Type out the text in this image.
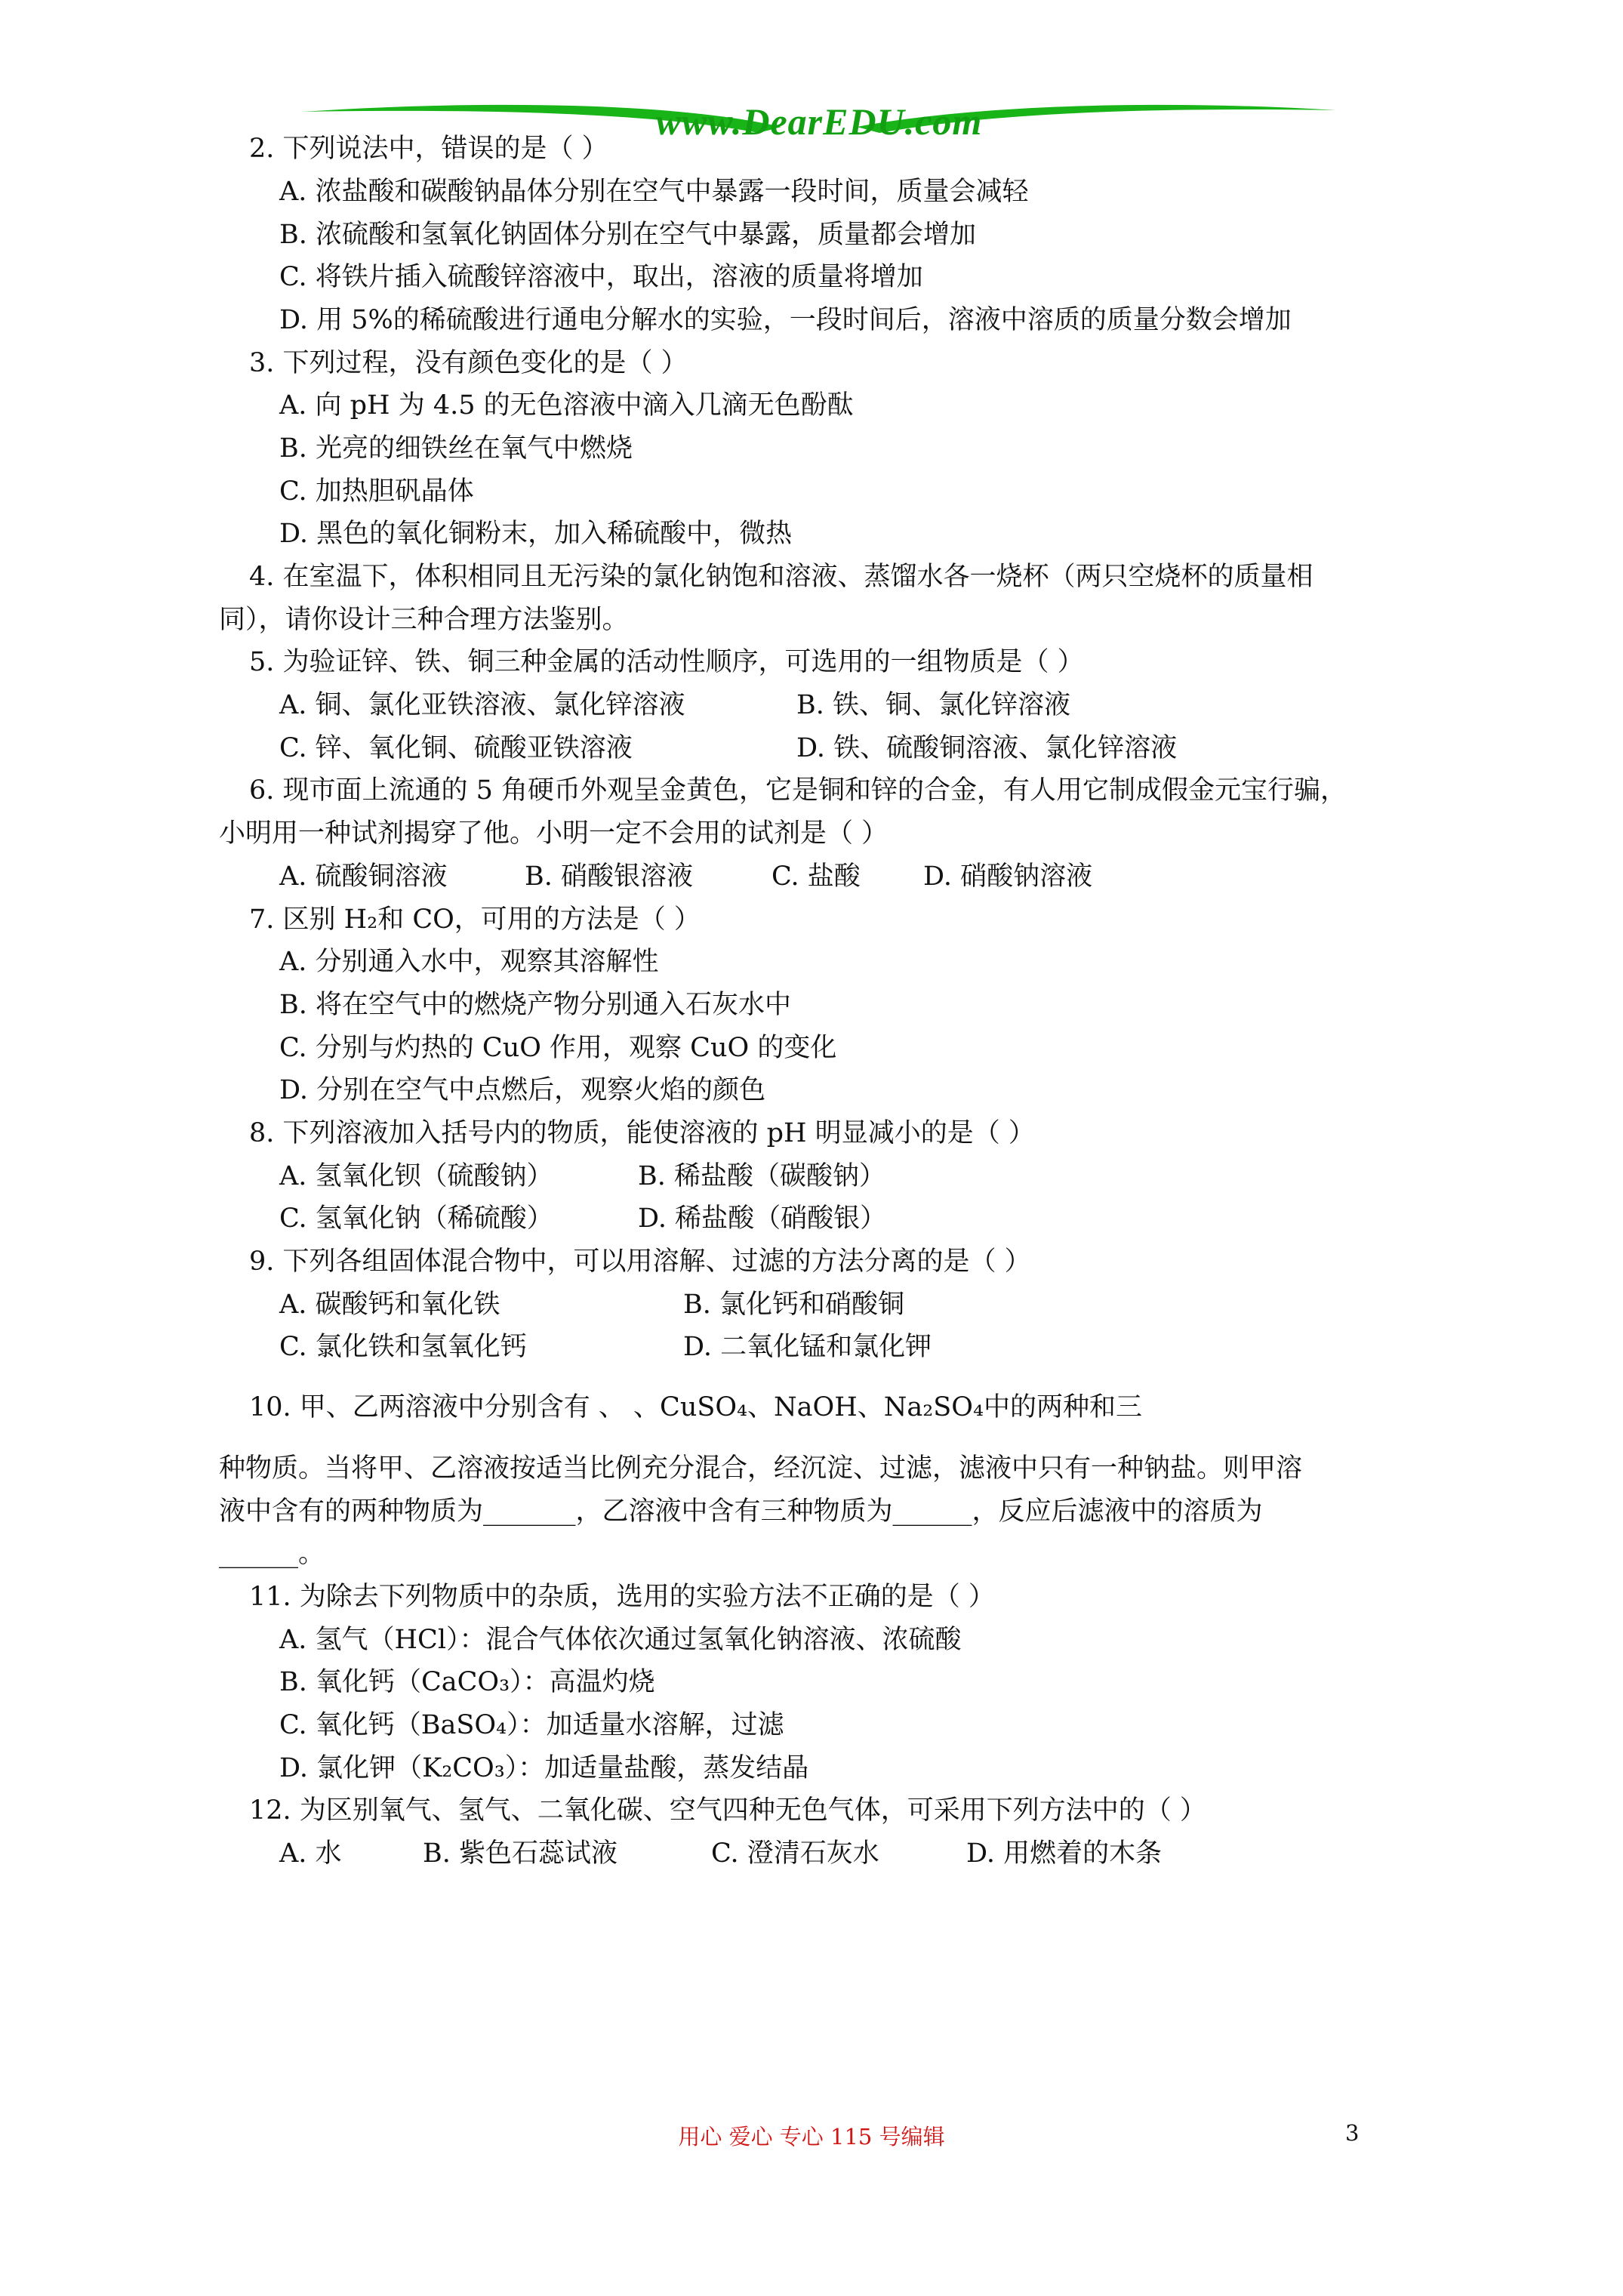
www.DearEDU.com
2. 下列说法中，错误的是（ ）
A. 浓盐酸和碳酸钠晶体分别在空气中暴露一段时间，质量会减轻
B. 浓硫酸和氢氧化钠固体分别在空气中暴露，质量都会增加
C. 将铁片插入硫酸锌溶液中，取出，溶液的质量将增加
D. 用 5%的稀硫酸进行通电分解水的实验，一段时间后，溶液中溶质的质量分数会增加
3. 下列过程，没有颜色变化的是（ ）
A. 向 pH 为 4.5 的无色溶液中滴入几滴无色酚酞
B. 光亮的细铁丝在氧气中燃烧
C. 加热胆矾晶体
D. 黑色的氧化铜粉末，加入稀硫酸中，微热
4. 在室温下，体积相同且无污染的氯化钠饱和溶液、蒸馏水各一烧杯（两只空烧杯的质量相
同），请你设计三种合理方法鉴别。
5. 为验证锌、铁、铜三种金属的活动性顺序，可选用的一组物质是（ ）
A. 铜、氯化亚铁溶液、氯化锌溶液	B. 铁、铜、氯化锌溶液
C. 锌、氧化铜、硫酸亚铁溶液	D. 铁、硫酸铜溶液、氯化锌溶液
6. 现市面上流通的 5 角硬币外观呈金黄色，它是铜和锌的合金，有人用它制成假金元宝行骗，
小明用一种试剂揭穿了他。小明一定不会用的试剂是（ ）
A. 硫酸铜溶液	B. 硝酸银溶液	C. 盐酸 D. 硝酸钠溶液
7. 区别 H₂和 CO，可用的方法是（ ）
A. 分别通入水中，观察其溶解性
B. 将在空气中的燃烧产物分别通入石灰水中
C. 分别与灼热的 CuO 作用，观察 CuO 的变化
D. 分别在空气中点燃后，观察火焰的颜色
8. 下列溶液加入括号内的物质，能使溶液的 pH 明显减小的是（ ）
A. 氢氧化钡（硫酸钠）	B. 稀盐酸（碳酸钠）
C. 氢氧化钠（稀硫酸）	D. 稀盐酸（硝酸银）
9. 下列各组固体混合物中，可以用溶解、过滤的方法分离的是（ ）
A. 碳酸钙和氧化铁	B. 氯化钙和硝酸铜
C. 氯化铁和氢氧化钙	D. 二氧化锰和氯化钾
10. 甲、乙两溶液中分别含有 、 、CuSO₄、NaOH、Na₂SO₄中的两种和三
种物质。当将甲、乙溶液按适当比例充分混合，经沉淀、过滤，滤液中只有一种钠盐。则甲溶
液中含有的两种物质为_______，乙溶液中含有三种物质为______，反应后滤液中的溶质为
______。
11. 为除去下列物质中的杂质，选用的实验方法不正确的是（ ）
A. 氢气（HCl）：混合气体依次通过氢氧化钠溶液、浓硫酸
B. 氧化钙（CaCO₃）：高温灼烧
C. 氧化钙（BaSO₄）：加适量水溶解，过滤
D. 氯化钾（K₂CO₃）：加适量盐酸，蒸发结晶
12. 为区别氧气、氢气、二氧化碳、空气四种无色气体，可采用下列方法中的（ ）
A. 水	B. 紫色石蕊试液	C. 澄清石灰水	D. 用燃着的木条
用心 爱心 专心 115 号编辑	3
